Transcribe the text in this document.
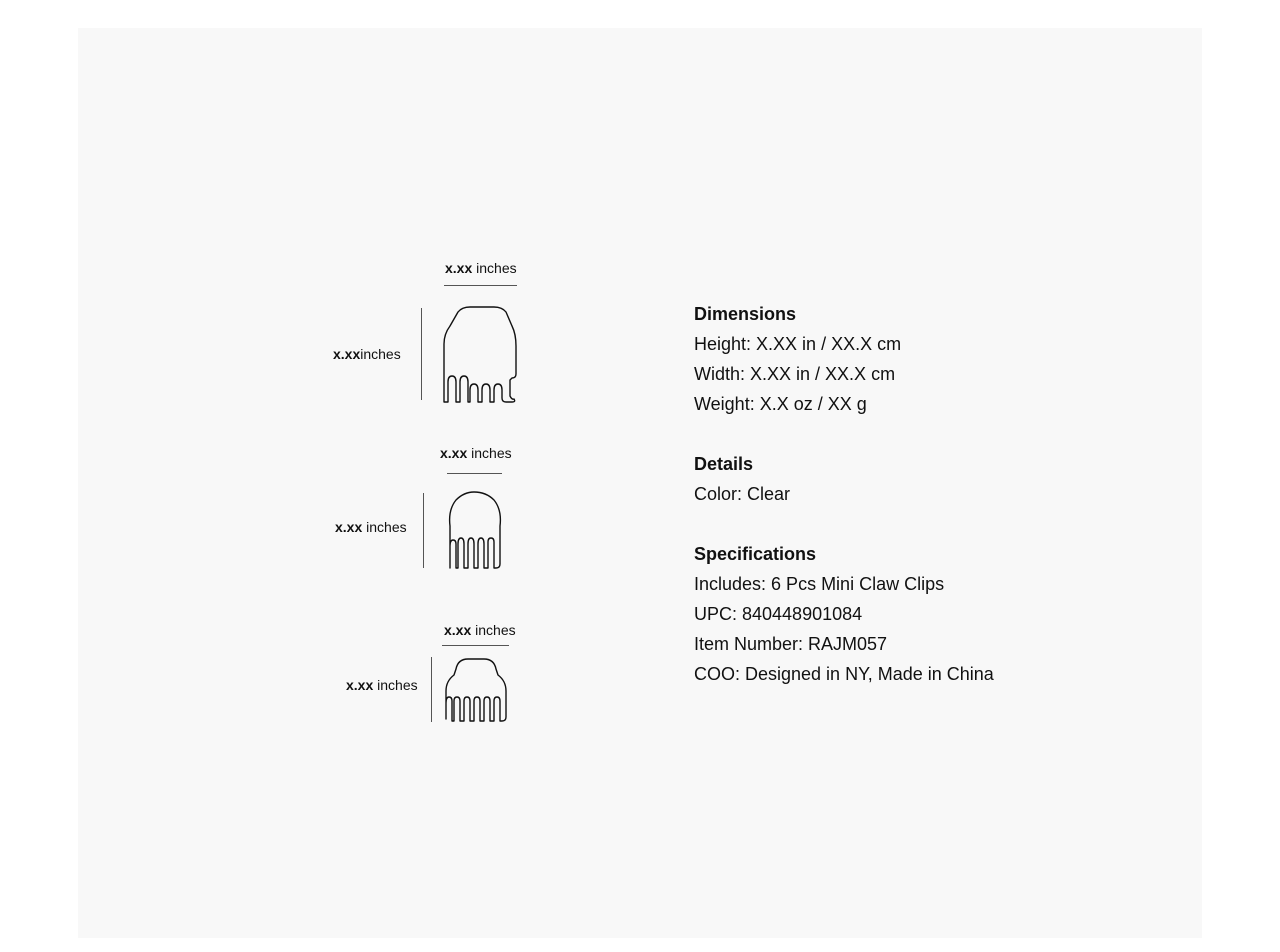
x.xx inches
x.xxinches
x.xx inches
x.xx inches
x.xx inches
x.xx inches
Dimensions
Height: X.XX in / XX.X cm
Width: X.XX in / XX.X cm
Weight: X.X oz / XX g
Details
Color: Clear
Specifications
Includes: 6 Pcs Mini Claw Clips
UPC: 840448901084
Item Number: RAJM057
COO: Designed in NY, Made in China
